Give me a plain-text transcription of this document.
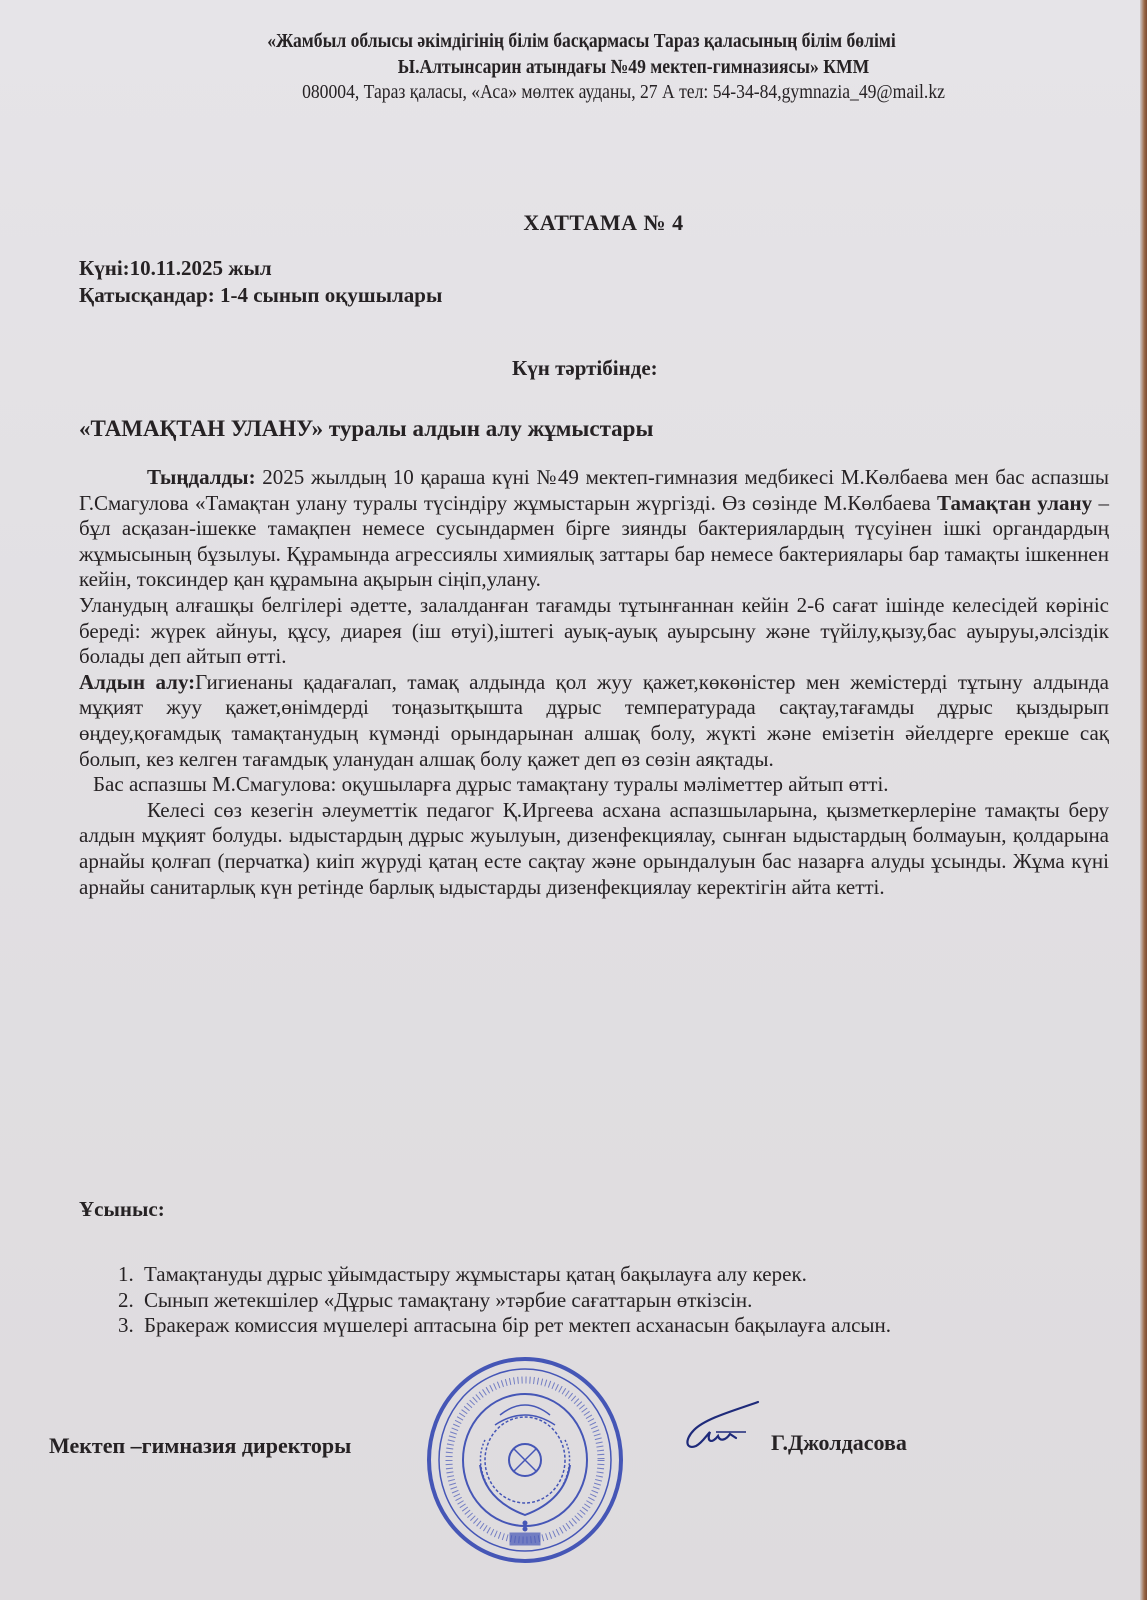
«Жамбыл облысы әкімдігінің білім басқармасы Тараз қаласының білім бөлімі
Ы.Алтынсарин атындағы №49 мектеп-гимназиясы» КММ
080004, Тараз қаласы, «Аса» мөлтек ауданы, 27 А тел: 54-34-84,gymnazia_49@mail.kz
ХАТТАМА № 4
Күні:10.11.2025 жыл
Қатысқандар: 1-4 сынып оқушылары
Күн тәртібінде:
«ТАМАҚТАН УЛАНУ» туралы алдын алу жұмыстары
Тыңдалды: 2025 жылдың 10 қараша күні №49 мектеп-гимназия медбикесі М.Көлбаева мен бас аспазшы Г.Смагулова «Тамақтан улану туралы түсіндіру жұмыстарын жүргізді. Өз сөзінде М.Көлбаева Тамақтан улану – бұл асқазан-ішекке тамақпен немесе сусындармен бірге зиянды бактериялардың түсуінен ішкі органдардың жұмысының бұзылуы. Құрамында агрессиялы химиялық заттары бар немесе бактериялары бар тамақты ішкеннен кейін, токсиндер қан құрамына ақырын сіңіп,улану.
Уланудың алғашқы белгілері әдетте, залалданған тағамды тұтынғаннан кейін 2-6 сағат ішінде келесідей көрініс береді: жүрек айнуы, құсу, диарея (іш өтуі),іштегі ауық-ауық ауырсыну және түйілу,қызу,бас ауыруы,әлсіздік болады деп айтып өтті.
Алдын алу:Гигиенаны қадағалап, тамақ алдында қол жуу қажет,көкөністер мен жемістерді тұтыну алдында мұқият жуу қажет,өнімдерді тоңазытқышта дұрыс температурада сақтау,тағамды дұрыс қыздырып өңдеу,қоғамдық тамақтанудың күмәнді орындарынан алшақ болу, жүкті және емізетін әйелдерге ерекше сақ болып, кез келген тағамдық уланудан алшақ болу қажет деп өз сөзін аяқтады.
Бас аспазшы М.Смагулова: оқушыларға дұрыс тамақтану туралы мәліметтер айтып өтті.
Келесі сөз кезегін әлеуметтік педагог Қ.Иргеева асхана аспазшыларына, қызметкерлеріне тамақты беру алдын мұқият болуды. ыдыстардың дұрыс жуылуын, дизенфекциялау, сынған ыдыстардың болмауын, қолдарына арнайы қолғап (перчатка) киіп жүруді қатаң есте сақтау және орындалуын бас назарға алуды ұсынды. Жұма күні арнайы санитарлық күн ретінде барлық ыдыстарды дизенфекциялау керектігін айта кетті.
Ұсыныс:
1. Тамақтануды дұрыс ұйымдастыру жұмыстары қатаң бақылауға алу керек.
2. Сынып жетекшілер «Дұрыс тамақтану »тәрбие сағаттарын өткізсін.
3. Бракераж комиссия мүшелері аптасына бір рет мектеп асханасын бақылауға алсын.
Мектеп –гимназия директоры	Г.Джолдасова
